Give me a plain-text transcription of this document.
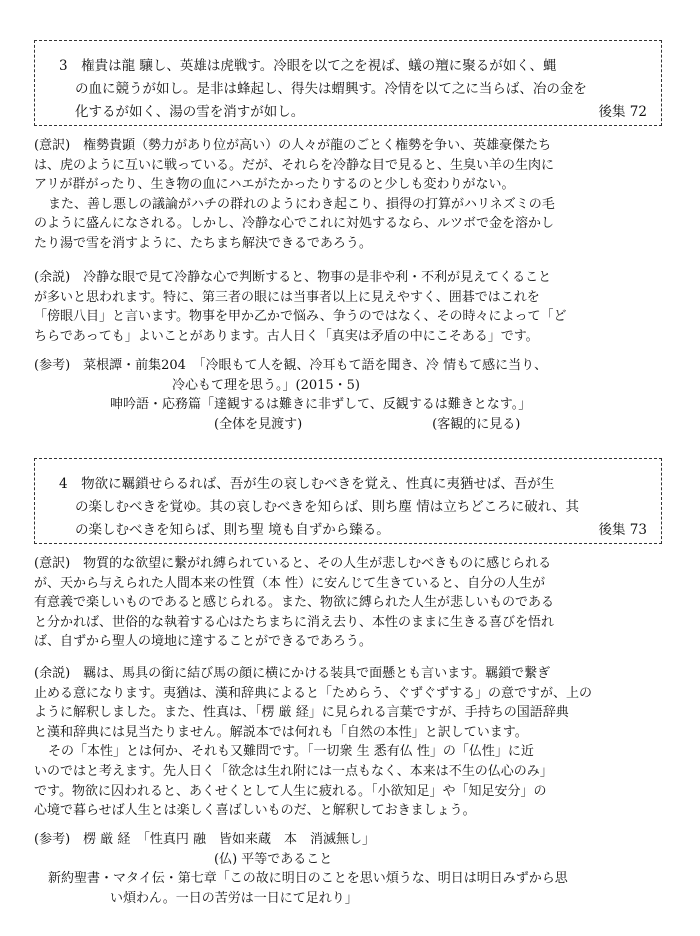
3　権貴は龍 驤し、英雄は虎戦す。冷眼を以て之を視ば、蟻の羶に聚るが如く、蝿
の血に競うが如し。是非は蜂起し、得失は蝟興す。冷情を以て之に当らば、冶の金を
化するが如く、湯の雪を消すが如し。	後集 72
(意訳)　権勢貴顕（勢力があり位が高い）の人々が龍のごとく権勢を争い、英雄豪傑たち
は、虎のように互いに戦っている。だが、それらを冷静な目で見ると、生臭い羊の生肉に
アリが群がったり、生き物の血にハエがたかったりするのと少しも変わりがない。
また、善し悪しの議論がハチの群れのようにわき起こり、損得の打算がハリネズミの毛
のように盛んになされる。しかし、冷静な心でこれに対処するなら、ルツボで金を溶かし
たり湯で雪を消すように、たちまち解決できるであろう。
(余説)　冷静な眼で見て冷静な心で判断すると、物事の是非や利・不利が見えてくること
が多いと思われます。特に、第三者の眼には当事者以上に見えやすく、囲碁ではこれを
「傍眼八目」と言います。物事を甲か乙かで悩み、争うのではなく、その時々によって「ど
ちらであっても」よいことがあります。古人日く「真実は矛盾の中にこそある」です。
(参考)　菜根譚・前集204　「冷眼もて人を観、冷耳もて語を聞き、冷 情もて感に当り、
冷心もて理を思う。」(2015・5)
呻吟語・応務篇「達観するは難きに非ずして、反観するは難きとなす。」
(全体を見渡す)	(客観的に見る)
4　物欲に羈鎖せらるれば、吾が生の哀しむべきを覚え、性真に夷猶せば、吾が生
の楽しむべきを覚ゆ。其の哀しむべきを知らば、則ち塵 情は立ちどころに破れ、其
の楽しむべきを知らば、則ち聖 境も自ずから臻る。	後集 73
(意訳)　物質的な欲望に繋がれ縛られていると、その人生が悲しむべきものに感じられる
が、天から与えられた人間本来の性質（本 性）に安んじて生きていると、自分の人生が
有意義で楽しいものであると感じられる。また、物欲に縛られた人生が悲しいものである
と分かれば、世俗的な執着する心はたちまちに消え去り、本性のままに生きる喜びを悟れ
ば、自ずから聖人の境地に達することができるであろう。
(余説)　羈は、馬具の銜に結び馬の顔に横にかける装具で面懸とも言います。羈鎖で繋ぎ
止める意になります。夷猶は、漢和辞典によると「ためらう、ぐずぐずする」の意ですが、上の
ように解釈しました。また、性真は、「楞 厳 経」に見られる言葉ですが、手持ちの国語辞典
と漢和辞典には見当たりません。解説本では何れも「自然の本性」と訳しています。
その「本性」とは何か、それも又難問です。「一切衆 生 悉有仏 性」の「仏性」に近
いのではと考えます。先人日く「欲念は生れ附には一点もなく、本来は不生の仏心のみ」
です。物欲に囚われると、あくせくとして人生に疲れる。「小欲知足」や「知足安分」の
心境で暮らせば人生とは楽しく喜ばしいものだ、と解釈しておきましょう。
(参考)　楞 厳 経　「性真円 融　皆如来蔵　本　消滅無し」
(仏) 平等であること
新約聖書・マタイ伝・第七章「この故に明日のことを思い煩うな、明日は明日みずから思
い煩わん。一日の苦労は一日にて足れり」
